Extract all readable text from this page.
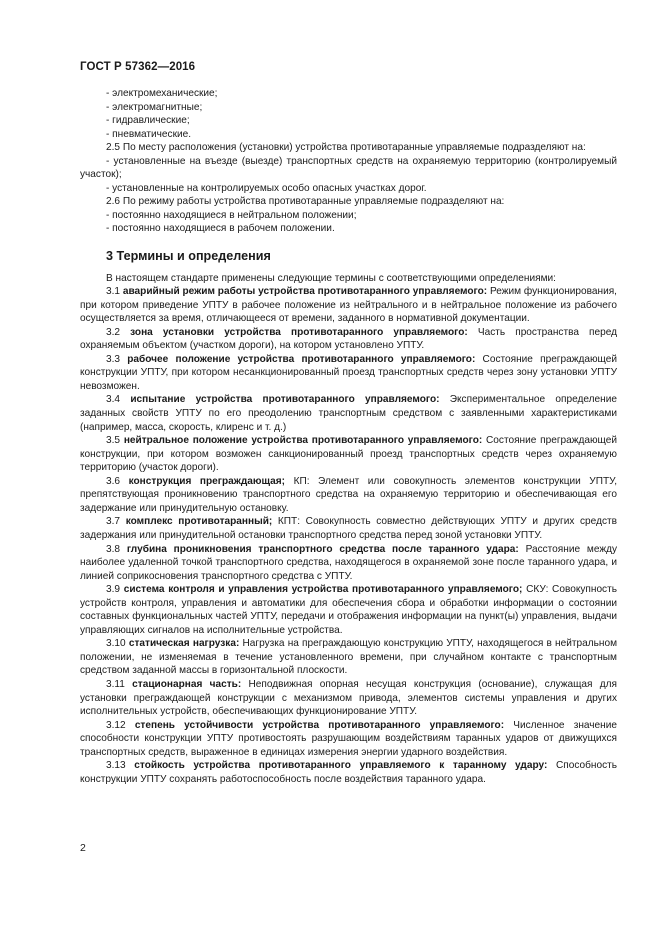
ГОСТ Р 57362—2016

- электромеханические;

- электромагнитные;

- гидравлические;

- пневматические.

2.5 По месту расположения (установки) устройства противотаранные управляемые подразделяют на:

- установленные на въезде (выезде) транспортных средств на охраняемую территорию (контролируемый участок);

- установленные на контролируемых особо опасных участках дорог.

2.6 По режиму работы устройства противотаранные управляемые подразделяют на:

- постоянно находящиеся в нейтральном положении;

- постоянно находящиеся в рабочем положении.

3 Термины и определения

В настоящем стандарте применены следующие термины с соответствующими определениями:

3.1 аварийный режим работы устройства противотаранного управляемого: Режим функционирования, при котором приведение УПТУ в рабочее положение из нейтрального и в нейтральное положение из рабочего осуществляется за время, отличающееся от времени, заданного в нормативной документации.

3.2 зона установки устройства противотаранного управляемого: Часть пространства перед охраняемым объектом (участком дороги), на котором установлено УПТУ.

3.3 рабочее положение устройства противотаранного управляемого: Состояние преграждающей конструкции УПТУ, при котором несанкционированный проезд транспортных средств через зону установки УПТУ невозможен.

3.4 испытание устройства противотаранного управляемого: Экспериментальное определение заданных свойств УПТУ по его преодолению транспортным средством с заявленными характеристиками (например, масса, скорость, клиренс и т. д.)

3.5 нейтральное положение устройства противотаранного управляемого: Состояние преграждающей конструкции, при котором возможен санкционированный проезд транспортных средств через охраняемую территорию (участок дороги).

3.6 конструкция преграждающая; КП: Элемент или совокупность элементов конструкции УПТУ, препятствующая проникновению транспортного средства на охраняемую территорию и обеспечивающая его задержание или принудительную остановку.

3.7 комплекс противотаранный; КПТ: Совокупность совместно действующих УПТУ и других средств задержания или принудительной остановки транспортного средства перед зоной установки УПТУ.

3.8 глубина проникновения транспортного средства после таранного удара: Расстояние между наиболее удаленной точкой транспортного средства, находящегося в охраняемой зоне после таранного удара, и линией соприкосновения транспортного средства с УПТУ.

3.9 система контроля и управления устройства противотаранного управляемого; СКУ: Совокупность устройств контроля, управления и автоматики для обеспечения сбора и обработки информации о состоянии составных функциональных частей УПТУ, передачи и отображения информации на пункт(ы) управления, выдачи управляющих сигналов на исполнительные устройства.

3.10 статическая нагрузка: Нагрузка на преграждающую конструкцию УПТУ, находящегося в нейтральном положении, не изменяемая в течение установленного времени, при случайном контакте с транспортным средством заданной массы в горизонтальной плоскости.

3.11 стационарная часть: Неподвижная опорная несущая конструкция (основание), служащая для установки преграждающей конструкции с механизмом привода, элементов системы управления и других исполнительных устройств, обеспечивающих функционирование УПТУ.

3.12 степень устойчивости устройства противотаранного управляемого: Численное значение способности конструкции УПТУ противостоять разрушающим воздействиям таранных ударов от движущихся транспортных средств, выраженное в единицах измерения энергии ударного воздействия.

3.13 стойкость устройства противотаранного управляемого к таранному удару: Способность конструкции УПТУ сохранять работоспособность после воздействия таранного удара.

2
